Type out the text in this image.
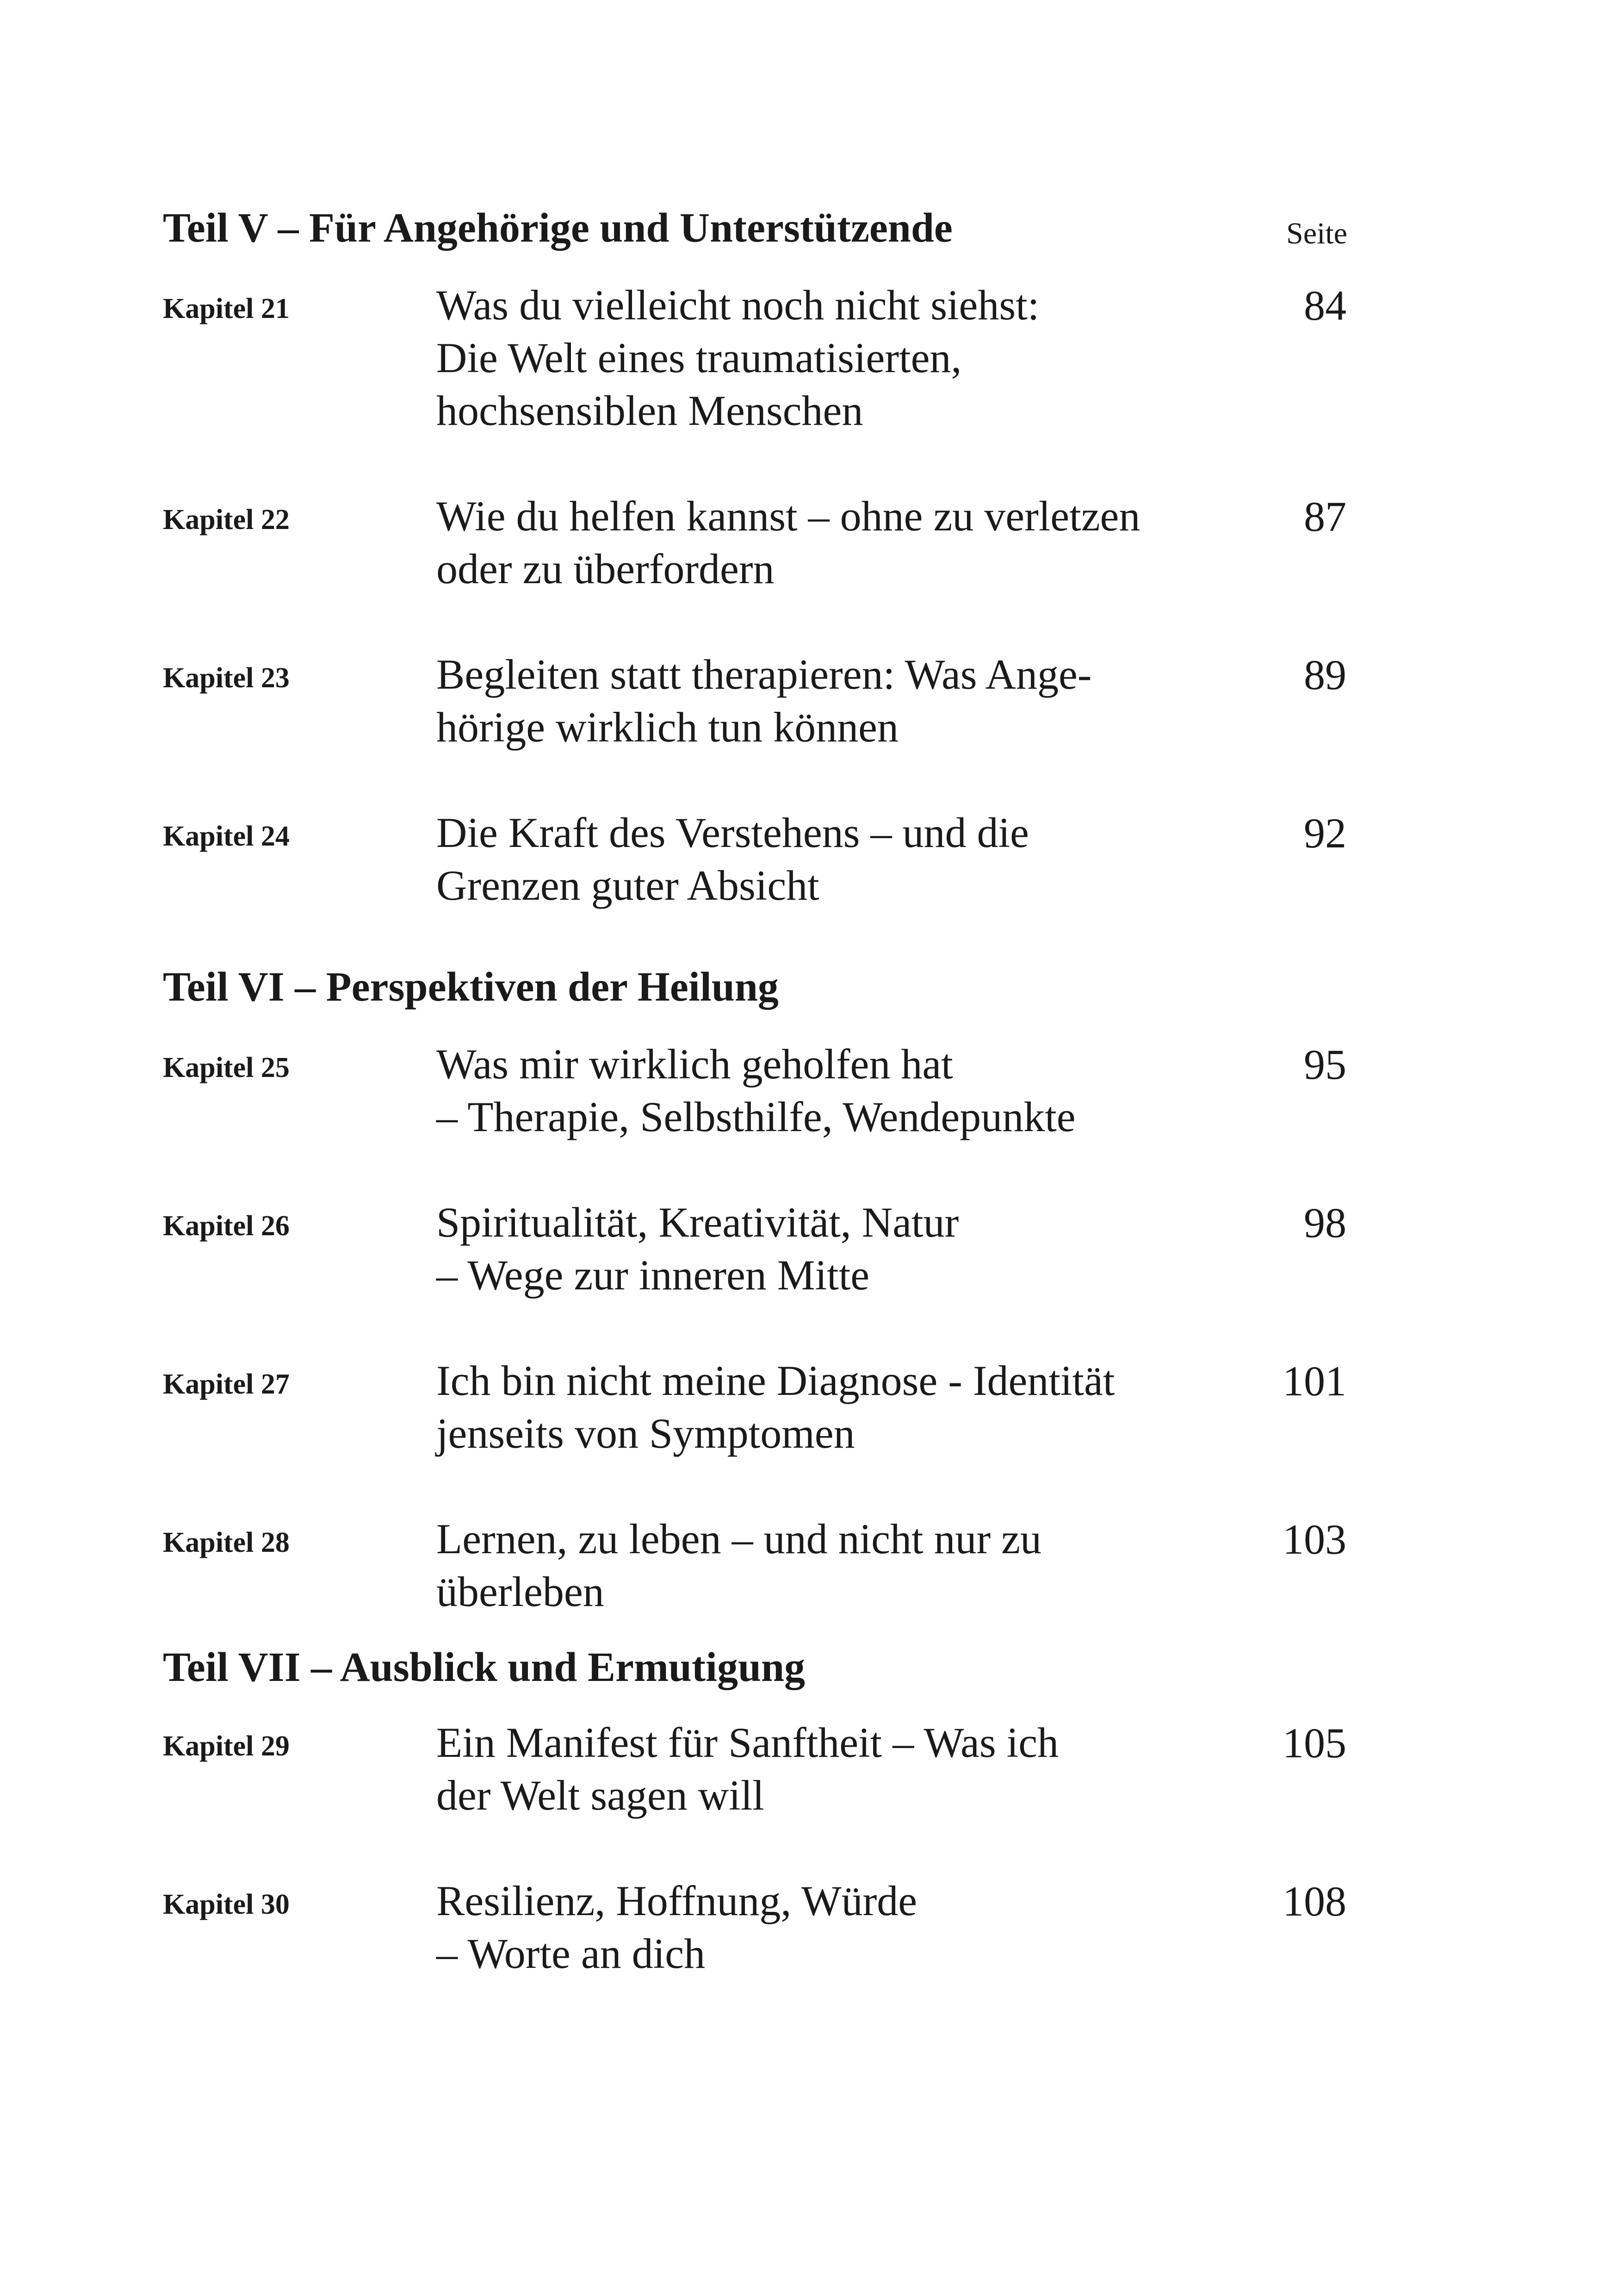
Teil V – Für Angehörige und Unterstützende	Seite
Kapitel 21	Was du vielleicht noch nicht siehst:
Die Welt eines traumatisierten,
hochsensiblen Menschen
84
Kapitel 22	Wie du helfen kannst – ohne zu verletzen
oder zu überfordern
87
Kapitel 23	Begleiten statt therapieren: Was Ange-
hörige wirklich tun können
89
Kapitel 24	Die Kraft des Verstehens – und die
Grenzen guter Absicht
92
Teil VI – Perspektiven der Heilung
Kapitel 25	Was mir wirklich geholfen hat
– Therapie, Selbsthilfe, Wendepunkte
95
Kapitel 26	Spiritualität, Kreativität, Natur
– Wege zur inneren Mitte
98
Kapitel 27	Ich bin nicht meine Diagnose - Identität
jenseits von Symptomen
101
Kapitel 28	Lernen, zu leben – und nicht nur zu
überleben
103
Teil VII – Ausblick und Ermutigung
Kapitel 29	Ein Manifest für Sanftheit – Was ich
der Welt sagen will
105
Kapitel 30	Resilienz, Hoffnung, Würde
– Worte an dich
108
